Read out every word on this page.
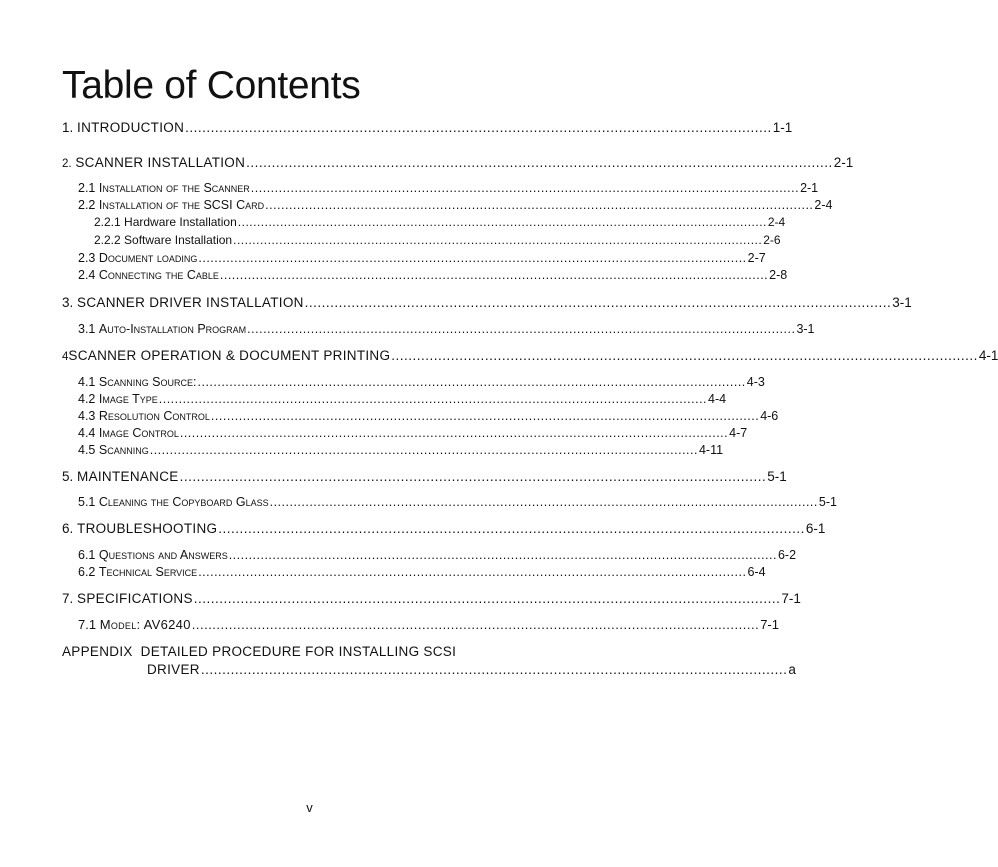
Table of Contents
1.
INTRODUCTION .......................................................................................................................................... 1-1
2.
SCANNER INSTALLATION .......................................................................................................................................... 2-1
2.1
Installation of the Scanner .......................................................................................................................................... 2-1
2.2
Installation of the SCSI Card .......................................................................................................................................... 2-4
2.2.1
Hardware Installation .......................................................................................................................................... 2-4
2.2.2
Software Installation .......................................................................................................................................... 2-6
2.3
Document loading .......................................................................................................................................... 2-7
2.4
Connecting the Cable .......................................................................................................................................... 2-8
3.
SCANNER DRIVER INSTALLATION .......................................................................................................................................... 3-1
3.1
Auto-Installation Program .......................................................................................................................................... 3-1
4 SCANNER OPERATION & DOCUMENT PRINTING .......................................................................................................................................... 4-1
4.1
Scanning Source: .......................................................................................................................................... 4-3
4.2
Image Type .......................................................................................................................................... 4-4
4.3
Resolution Control .......................................................................................................................................... 4-6
4.4
Image Control .......................................................................................................................................... 4-7
4.5
Scanning .......................................................................................................................................... 4-11
5.
MAINTENANCE .......................................................................................................................................... 5-1
5.1
Cleaning the Copyboard Glass .......................................................................................................................................... 5-1
6.
TROUBLESHOOTING .......................................................................................................................................... 6-1
6.1
Questions and Answers .......................................................................................................................................... 6-2
6.2
Technical Service .......................................................................................................................................... 6-4
7.
SPECIFICATIONS .......................................................................................................................................... 7-1
7.1
Model: AV6240 .......................................................................................................................................... 7-1
APPENDIX DETAILED PROCEDURE FOR INSTALLING SCSI
DRIVER .......................................................................................................................................... a
v
